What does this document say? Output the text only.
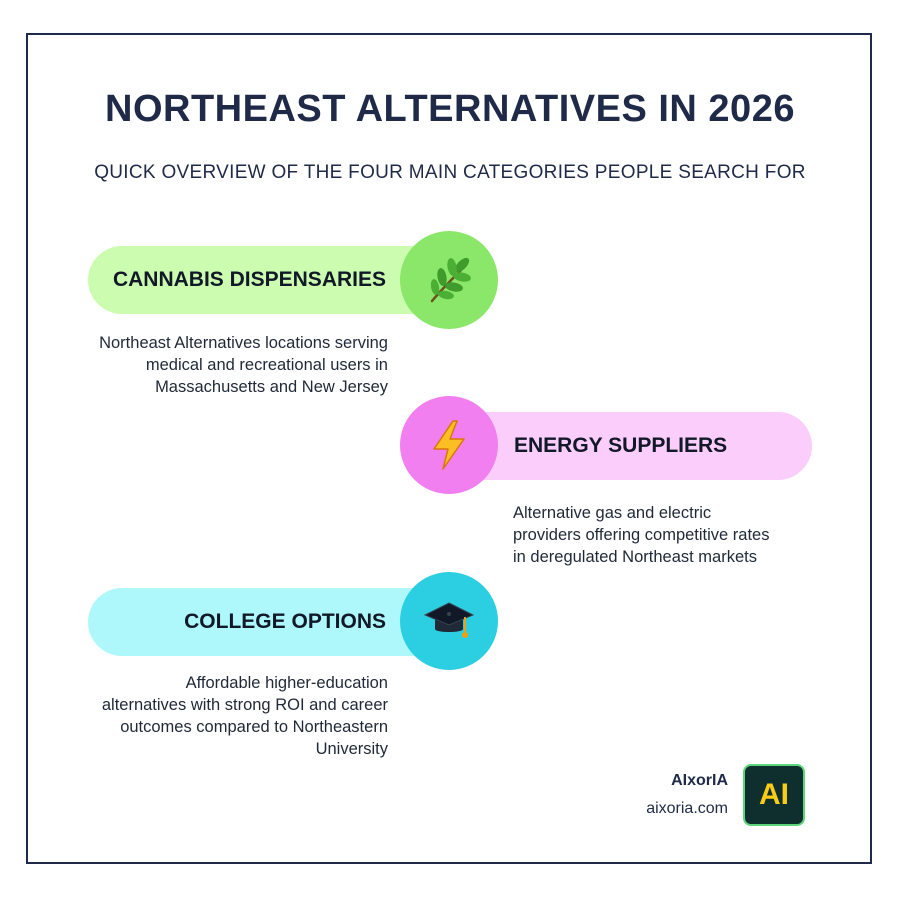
NORTHEAST ALTERNATIVES IN 2026
QUICK OVERVIEW OF THE FOUR MAIN CATEGORIES PEOPLE SEARCH FOR
CANNABIS DISPENSARIES
Northeast Alternatives locations serving medical and recreational users in Massachusetts and New Jersey
ENERGY SUPPLIERS
Alternative gas and electric providers offering competitive rates in deregulated Northeast markets
COLLEGE OPTIONS
Affordable higher-education alternatives with strong ROI and career outcomes compared to Northeastern University
AIxorIA
aixoria.com	AI
